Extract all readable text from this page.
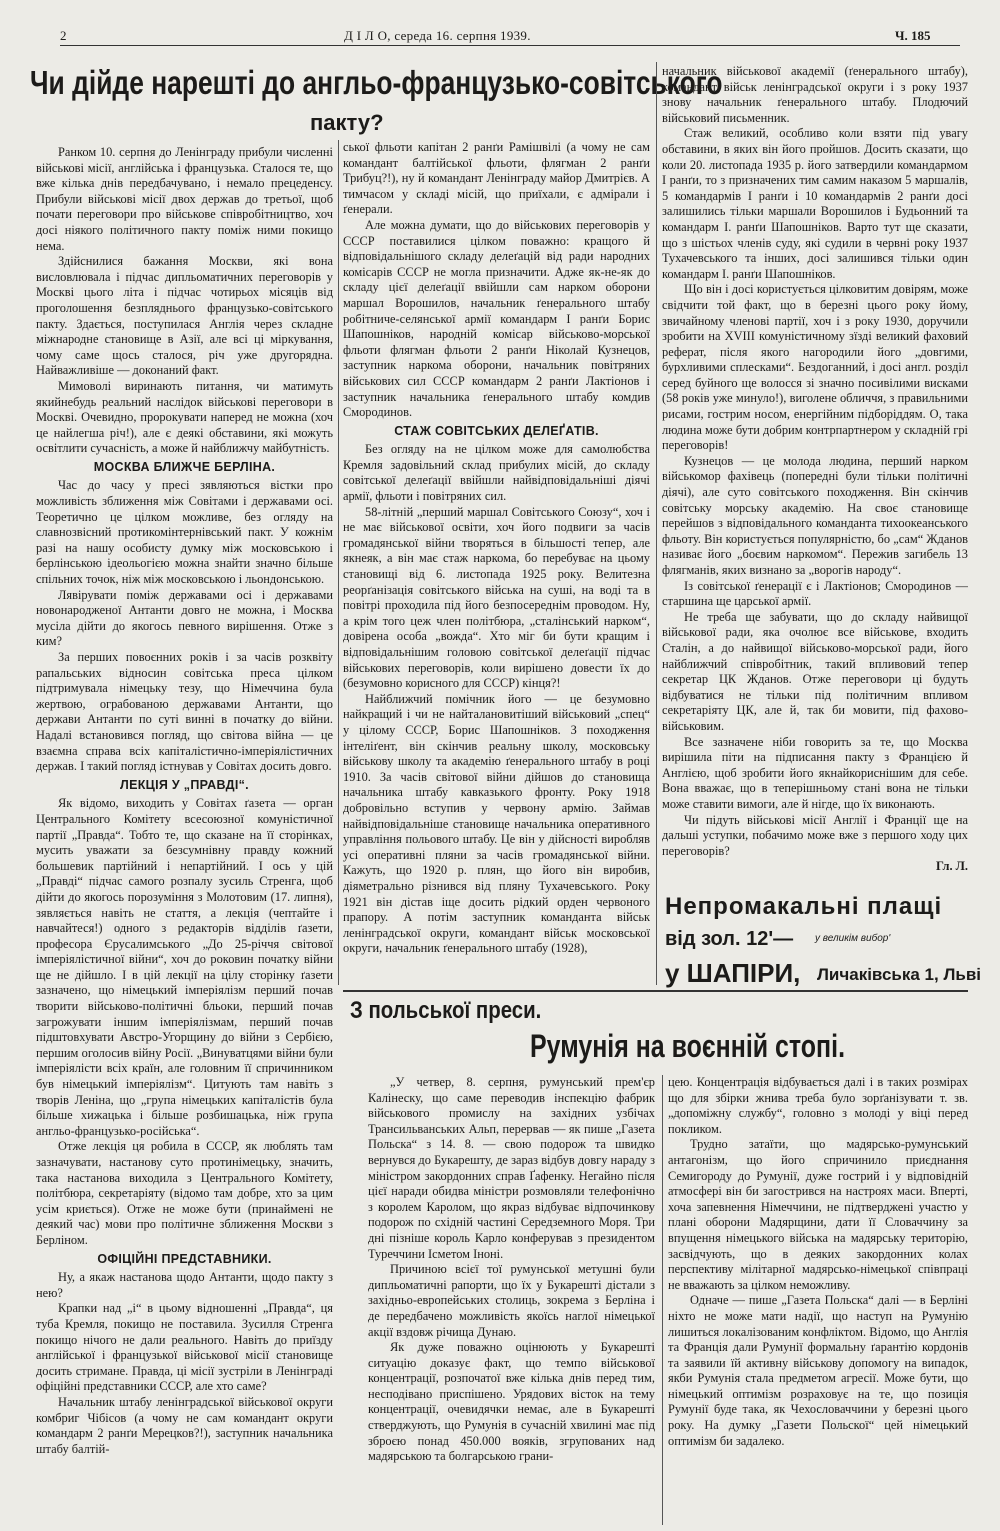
2	Д І Л О, середа 16. серпня 1939.	Ч. 185
Чи дійде нарешті до англьо-французько-совітського
пакту?

Ранком 10. серпня до Ленінграду прибули численні військові місії, англійська і французька. Сталося те, що вже кілька днів передбачувано, і немало прецеденсу. Прибули військові місії двох держав до третьої, щоб почати переговори про військове співробітництво, хоч досі ніякого політичного пакту поміж ними покищо нема.

Здійснилися бажання Москви, які вона висловлювала і підчас дипльоматичних переговорів у Москві цього літа і підчас чотирьох місяців від проголошення безпляднього французько-совітського пакту. Здається, поступилася Англія через складне міжнародне становище в Азії, але всі ці міркування, чому саме щось сталося, річ уже другорядна. Найважливіше — доконаний факт.

Мимоволі виринають питання, чи матимуть якийнебудь реальний наслідок військові переговори в Москві. Очевидно, пророкувати наперед не можна (хоч це найлегша річ!), але є деякі обставини, які можуть освітлити сучасність, а може й найближчу майбутність.

МОСКВА БЛИЖЧЕ БЕРЛІНА.

Час до часу у пресі зявляються вістки про можливість зближення між Совітами і державами осі. Теоретично це цілком можливе, без огляду на славнозвісний протикомінтернівський пакт. У кожнім разі на нашу особисту думку між московською і берлінською ідеольогією можна знайти значно більше спільних точок, ніж між московською і льондонською.

Лявірувати поміж державами осі і державами новонародженої Антанти довго не можна, і Москва мусіла дійти до якогось певного вирішення. Отже з ким?

За перших повоєнних років і за часів розквіту рапальських відносин совітська преса цілком підтримувала німецьку тезу, що Німеччина була жертвою, ограбованою державами Антанти, що держави Антанти по суті винні в початку до війни. Надалі встановився погляд, що світова війна — це взаємна справа всіх капіталістично-імперіялістичних держав. І такий погляд істнував у Совітах досить довго.

ЛЕКЦІЯ У „ПРАВДІ“.

Як відомо, виходить у Совітах ґазета — орган Центрального Комітету всесоюзної комуністичної партії „Правда“. Тобто те, що сказане на її сторінках, мусить уважати за безсумнівну правду кожний большевик партійний і непартійний. І ось у цій „Правді“ підчас самого розпалу зусиль Стренга, щоб дійти до якогось порозуміння з Молотовим (17. липня), зявляється навіть не стаття, а лекція (чептайте і навчайтеся!) одного з редакторів відділів ґазети, професора Єрусалимського „До 25-річчя світової імперіялістичної війни“, хоч до роковин початку війни ще не дійшло. І в цій лекції на цілу сторінку ґазети зазначено, що німецький імперіялізм перший почав творити військово-політичні бльоки, перший почав загрожувати іншим імперіялізмам, перший почав підштовхувати Австро-Угорщину до війни з Сербією, першим оголосив війну Росії. „Винуватцями війни були імперіялісти всіх країн, але головним її спричинником був німецький імперіялізм“. Цитують там навіть з творів Леніна, що „група німецьких капіталістів була більше хижацька і більше розбишацька, ніж група англьо-французько-російська“.

Отже лекція ця робила в СССР, як люблять там зазначувати, настанову суто протинімецьку, значить, така настанова виходила з Центрального Комітету, політбюра, секретаріяту (відомо там добре, хто за цим усім криється). Отже не може бути (принаймені не деякий час) мови про політичне зближення Москви з Берліном.

ОФІЦІЙНІ ПРЕДСТАВНИКИ.

Ну, а якаж настанова щодо Антанти, щодо пакту з нею?

Крапки над „і“ в цьому відношенні „Правда“, ця туба Кремля, покищо не поставила. Зусилля Стренга покищо нічого не дали реального. Навіть до приїзду англійської і французької військової місії становище досить стримане. Правда, ці місії зустріли в Ленінграді офіційні представники СССР, але хто саме?

Начальник штабу ленінградської військової округи комбриг Чібісов (а чому не сам командант округи командарм 2 ранґи Мерецков?!), заступник начальника штабу балтій-

ської фльоти капітан 2 ранґи Рамішвілі (а чому не сам командант балтійської фльоти, флягман 2 ранґи Трибуц?!), ну й командант Ленінграду майор Дмитрієв. А тимчасом у складі місій, що приїхали, є адмірали і ґенерали.

Але можна думати, що до військових переговорів у СССР поставилися цілком поважно: кращого й відповідальнішого складу делеґацій від ради народних комісарів СССР не могла призначити. Адже як-не-як до складу цієї делеґації ввійшли сам нарком оборони маршал Ворошилов, начальник ґенерального штабу робітниче-селянської армії командарм І ранґи Борис Шапошніков, народній комісар військово-морської фльоти флягман фльоти 2 ранґи Ніколай Кузнецов, заступник наркома оборони, начальник повітряних військових сил СССР командарм 2 ранґи Лактіонов і заступник начальника ґенерального штабу комдив Смородинов.

СТАЖ СОВІТСЬКИХ ДЕЛЕҐАТІВ.

Без огляду на не цілком може для самолюбства Кремля задовільний склад прибулих місій, до складу совітської делеґації ввійшли найвідповідальніші діячі армії, фльоти і повітряних сил.

58-літній „перший маршал Совітського Союзу“, хоч і не має військової освіти, хоч його подвиги за часів громадянської війни творяться в більшості тепер, але якнеяк, а він має стаж наркома, бо перебуває на цьому становищі від 6. листопада 1925 року. Велитезна реорґанізація совітського війська на суші, на воді та в повітрі проходила під його безпосереднім проводом. Ну, а крім того цеж член політбюра, „сталінський нарком“, довірена особа „вожда“. Хто міг би бути кращим і відповідальнішим головою совітської делеґації підчас військових переговорів, коли вирішено довести їх до (безумовно корисного для СССР) кінця?!

Найближчий помічник його — це безумовно найкращий і чи не найталановитіший військовий „спец“ у цілому СССР, Борис Шапошніков. З походження інтеліґент, він скінчив реальну школу, московську військову школу та академію ґенерального штабу в році 1910. За часів світової війни дійшов до становища начальника штабу кавказького фронту. Року 1918 добровільно вступив у червону армію. Займав найвідповідальніше становище начальника оперативного управління польового штабу. Це він у дійсності виробляв усі оперативні пляни за часів громадянської війни. Кажуть, що 1920 р. плян, що його він виробив, діяметрально різнився від пляну Тухачевського. Року 1921 він дістав іще досить рідкий орден червоного прапору. А потім заступник команданта військ ленінградської округи, командант військ московської округи, начальник ґенерального штабу (1928),

начальник військової академії (ґенерального штабу), командант військ ленінградської округи і з року 1937 знову начальник ґенерального штабу. Плодючий військовий письменник.

Стаж великий, особливо коли взяти під увагу обставини, в яких він його пройшов. Досить сказати, що коли 20. листопада 1935 р. його затвердили командармом І ранґи, то з призначених тим самим наказом 5 маршалів, 5 командармів І ранґи і 10 командармів 2 ранґи досі залишились тільки маршали Ворошилов і Будьонний та командарм І. ранґи Шапошніков. Варто тут ще сказати, що з шістьох членів суду, які судили в червні року 1937 Тухачевського та інших, досі залишився тільки один командарм І. ранґи Шапошніков.

Що він і досі користується цілковитим довірям, може свідчити той факт, що в березні цього року йому, звичайному членові партії, хоч і з року 1930, доручили зробити на XVIII комуністичному зїзді великий фаховий реферат, після якого нагородили його „довгими, бурхливими сплесками“. Бездоганний, і досі англ. розділ серед буйного ще волосся зі значно посивілими висками (58 років уже минуло!), виголене обличчя, з правильними рисами, гострим носом, енергійним підборіддям. О, така людина може бути добрим контрпартнером у складній грі переговорів!

Кузнецов — це молода людина, перший нарком військомор фахівець (попередні були тільки політичні діячі), але суто совітського походження. Він скінчив совітську морську академію. На своє становище перейшов з відповідального команданта тихоокеанського фльоту. Він користується популярністю, бо „сам“ Жданов називає його „боєвим наркомом“. Пережив загибель 13 флягманів, яких визнано за „ворогів народу“.

Із совітської ґенерації є і Лактіонов; Смородинов — старшина ще царської армії.

Не треба ще забувати, що до складу найвищої військової ради, яка очолює все військове, входить Сталін, а до найвищої військово-морської ради, його найближчий співробітник, такий впливовий тепер секретар ЦК Жданов. Отже переговори ці будуть відбуватися не тільки під політичним впливом секретаріяту ЦК, але й, так би мовити, під фахово-військовим.

Все зазначене ніби говорить за те, що Москва вирішила піти на підписання пакту з Францією й Англією, щоб зробити його якнайкориснішим для себе. Вона вважає, що в теперішньому стані вона не тільки може ставити вимоги, але й нігде, що їх виконають.

Чи підуть військові місії Англії і Франції ще на дальші уступки, побачимо може вже з першого ходу цих переговорів?

Гл. Л.
Непромакальні плащі
від зол. 12'— у великім вибор'
у ШАПІРИ, Личаківська 1, Льві
З польської преси.
Румунія на воєнній стопі.

„У четвер, 8. серпня, румунський прем'єр Калінеску, що саме переводив інспекцію фабрик військового промислу на західних узбічах Трансильванських Альп, перервав — як пише „Газета Польска“ з 14. 8. — свою подорож та швидко вернувся до Букарешту, де зараз відбув довгу нараду з міністром закордонних справ Ґафенку. Негайно після цієї наради обидва міністри розмовляли телефонічно з королем Каролом, що якраз відбуває відпочинкову подорож по східній частині Середземного Моря. Три дні пізніше король Карло конферував з президентом Туреччини Ісметом Іноні.

Причиною всієї тої румунської метушні були дипльоматичні рапорти, що їх у Букарешті дістали з західньо-европейських столиць, зокрема з Берліна і де передбачено можливість якоїсь наглої німецької акції вздовж річища Дунаю.

Як дуже поважно оцінюють у Букарешті ситуацію доказує факт, що темпо військової концентрації, розпочатої вже кілька днів перед тим, несподівано приспішено. Урядових вісток на тему концентрації, очевидячки немає, але в Букарешті стверджують, що Румунія в сучасній хвилині має під зброєю понад 450.000 вояків, згрупованих над мадярською та болгарською грани-

цею. Концентрація відбувається далі і в таких розмірах що для збірки жнива треба було зорґанізувати т. зв. „допоміжну службу“, головно з молоді у віці перед покликом.

Трудно затаїти, що мадярсько-румунський антагонізм, що його спричинило приєднання Семигороду до Румунії, дуже гострий і у відповідній атмосфері він би загострився на настроях маси. Вперті, хоча запевнення Німеччини, не підтверджені участю у плані оборони Мадярщини, дати її Словаччину за впущення німецького війська на мадярську територію, засвідчують, що в деяких закордонних колах перспективу мілітарної мадярсько-німецької співпраці не вважають за цілком неможливу.

Одначе — пише „Газета Польска“ далі — в Берліні ніхто не може мати надії, що наступ на Румунію лишиться локалізованим конфліктом. Відомо, що Англія та Франція дали Румунії формальну ґарантію кордонів та заявили їй активну військову допомогу на випадок, якби Румунія стала предметом агресії. Може бути, що німецький оптимізм розраховує на те, що позиція Румунії буде така, як Чехословаччини у березні цього року. На думку „Газети Польскої“ цей німецький оптимізм би задалеко.
